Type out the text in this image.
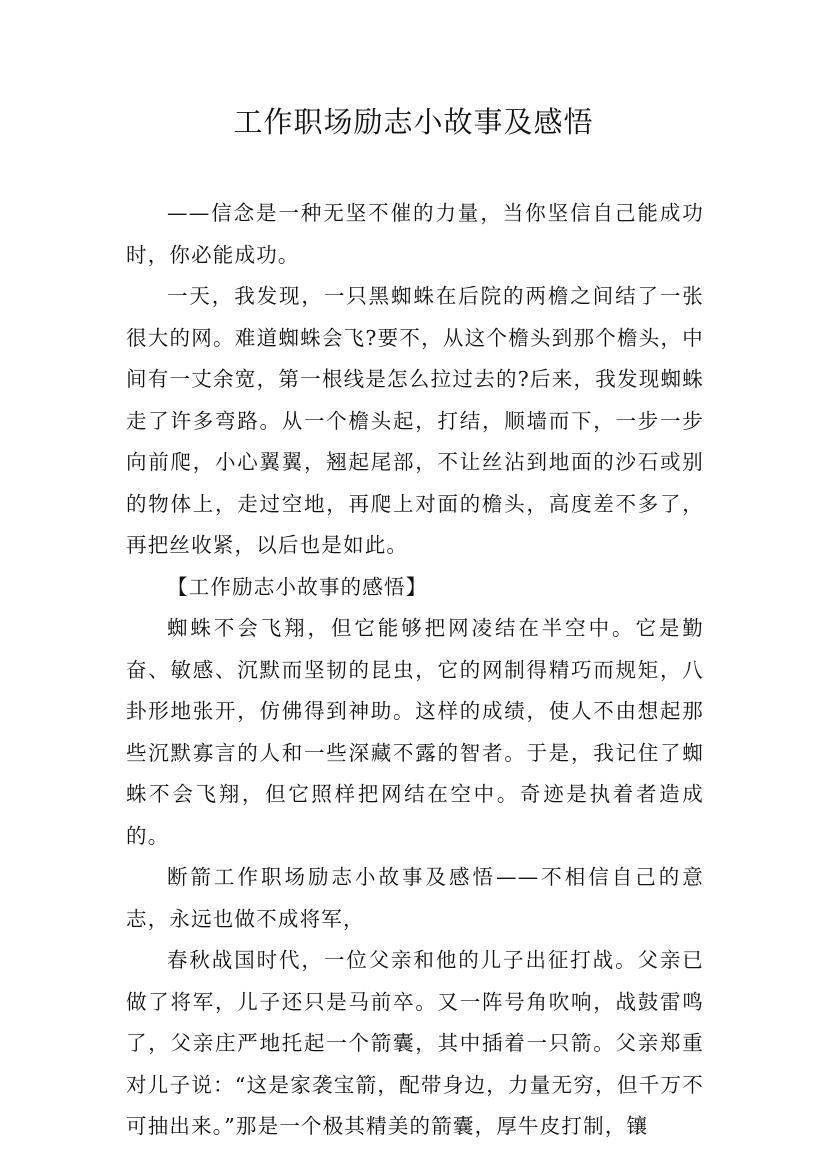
工作职场励志小故事及感悟

——信念是一种无坚不催的力量，当你坚信自己能成功时，你必能成功。

一天，我发现，一只黑蜘蛛在后院的两檐之间结了一张很大的网。难道蜘蛛会飞?要不，从这个檐头到那个檐头，中间有一丈余宽，第一根线是怎么拉过去的?后来，我发现蜘蛛走了许多弯路。从一个檐头起，打结，顺墙而下，一步一步向前爬，小心翼翼，翘起尾部，不让丝沾到地面的沙石或别的物体上，走过空地，再爬上对面的檐头，高度差不多了，再把丝收紧，以后也是如此。

【工作励志小故事的感悟】

蜘蛛不会飞翔，但它能够把网凌结在半空中。它是勤奋、敏感、沉默而坚韧的昆虫，它的网制得精巧而规矩，八卦形地张开，仿佛得到神助。这样的成绩，使人不由想起那些沉默寡言的人和一些深藏不露的智者。于是，我记住了蜘蛛不会飞翔，但它照样把网结在空中。奇迹是执着者造成的。

断箭工作职场励志小故事及感悟——不相信自己的意志，永远也做不成将军，

春秋战国时代，一位父亲和他的儿子出征打战。父亲已做了将军，儿子还只是马前卒。又一阵号角吹响，战鼓雷鸣了，父亲庄严地托起一个箭囊，其中插着一只箭。父亲郑重对儿子说：“这是家袭宝箭，配带身边，力量无穷，但千万不可抽出来。”那是一个极其精美的箭囊，厚牛皮打制，镶
